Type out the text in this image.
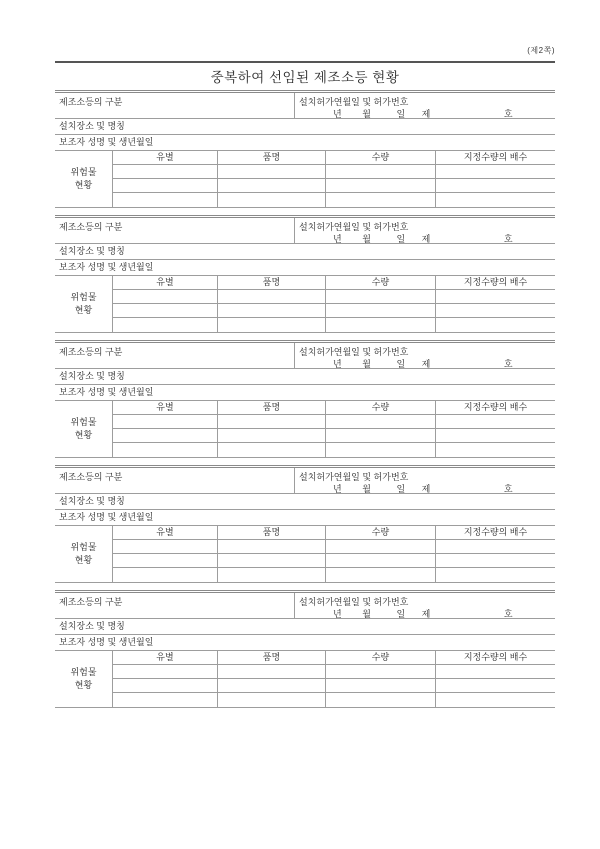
(제2쪽)
중복하여 선임된 제조소등 현황
제조소등의 구분	설치허가연월일 및 허가번호
년 월	일 제	호
설치장소 및 명칭
보조자 성명 및 생년월일
위험물
현황
유별	품명	수량	지정수량의 배수
제조소등의 구분	설치허가연월일 및 허가번호
년 월	일 제	호
설치장소 및 명칭
보조자 성명 및 생년월일
위험물
현황
유별	품명	수량	지정수량의 배수
제조소등의 구분	설치허가연월일 및 허가번호
년 월	일 제	호
설치장소 및 명칭
보조자 성명 및 생년월일
위험물
현황
유별	품명	수량	지정수량의 배수
제조소등의 구분	설치허가연월일 및 허가번호
년 월	일 제	호
설치장소 및 명칭
보조자 성명 및 생년월일
위험물
현황
유별	품명	수량	지정수량의 배수
제조소등의 구분	설치허가연월일 및 허가번호
년 월	일 제	호
설치장소 및 명칭
보조자 성명 및 생년월일
위험물
현황
유별	품명	수량	지정수량의 배수
